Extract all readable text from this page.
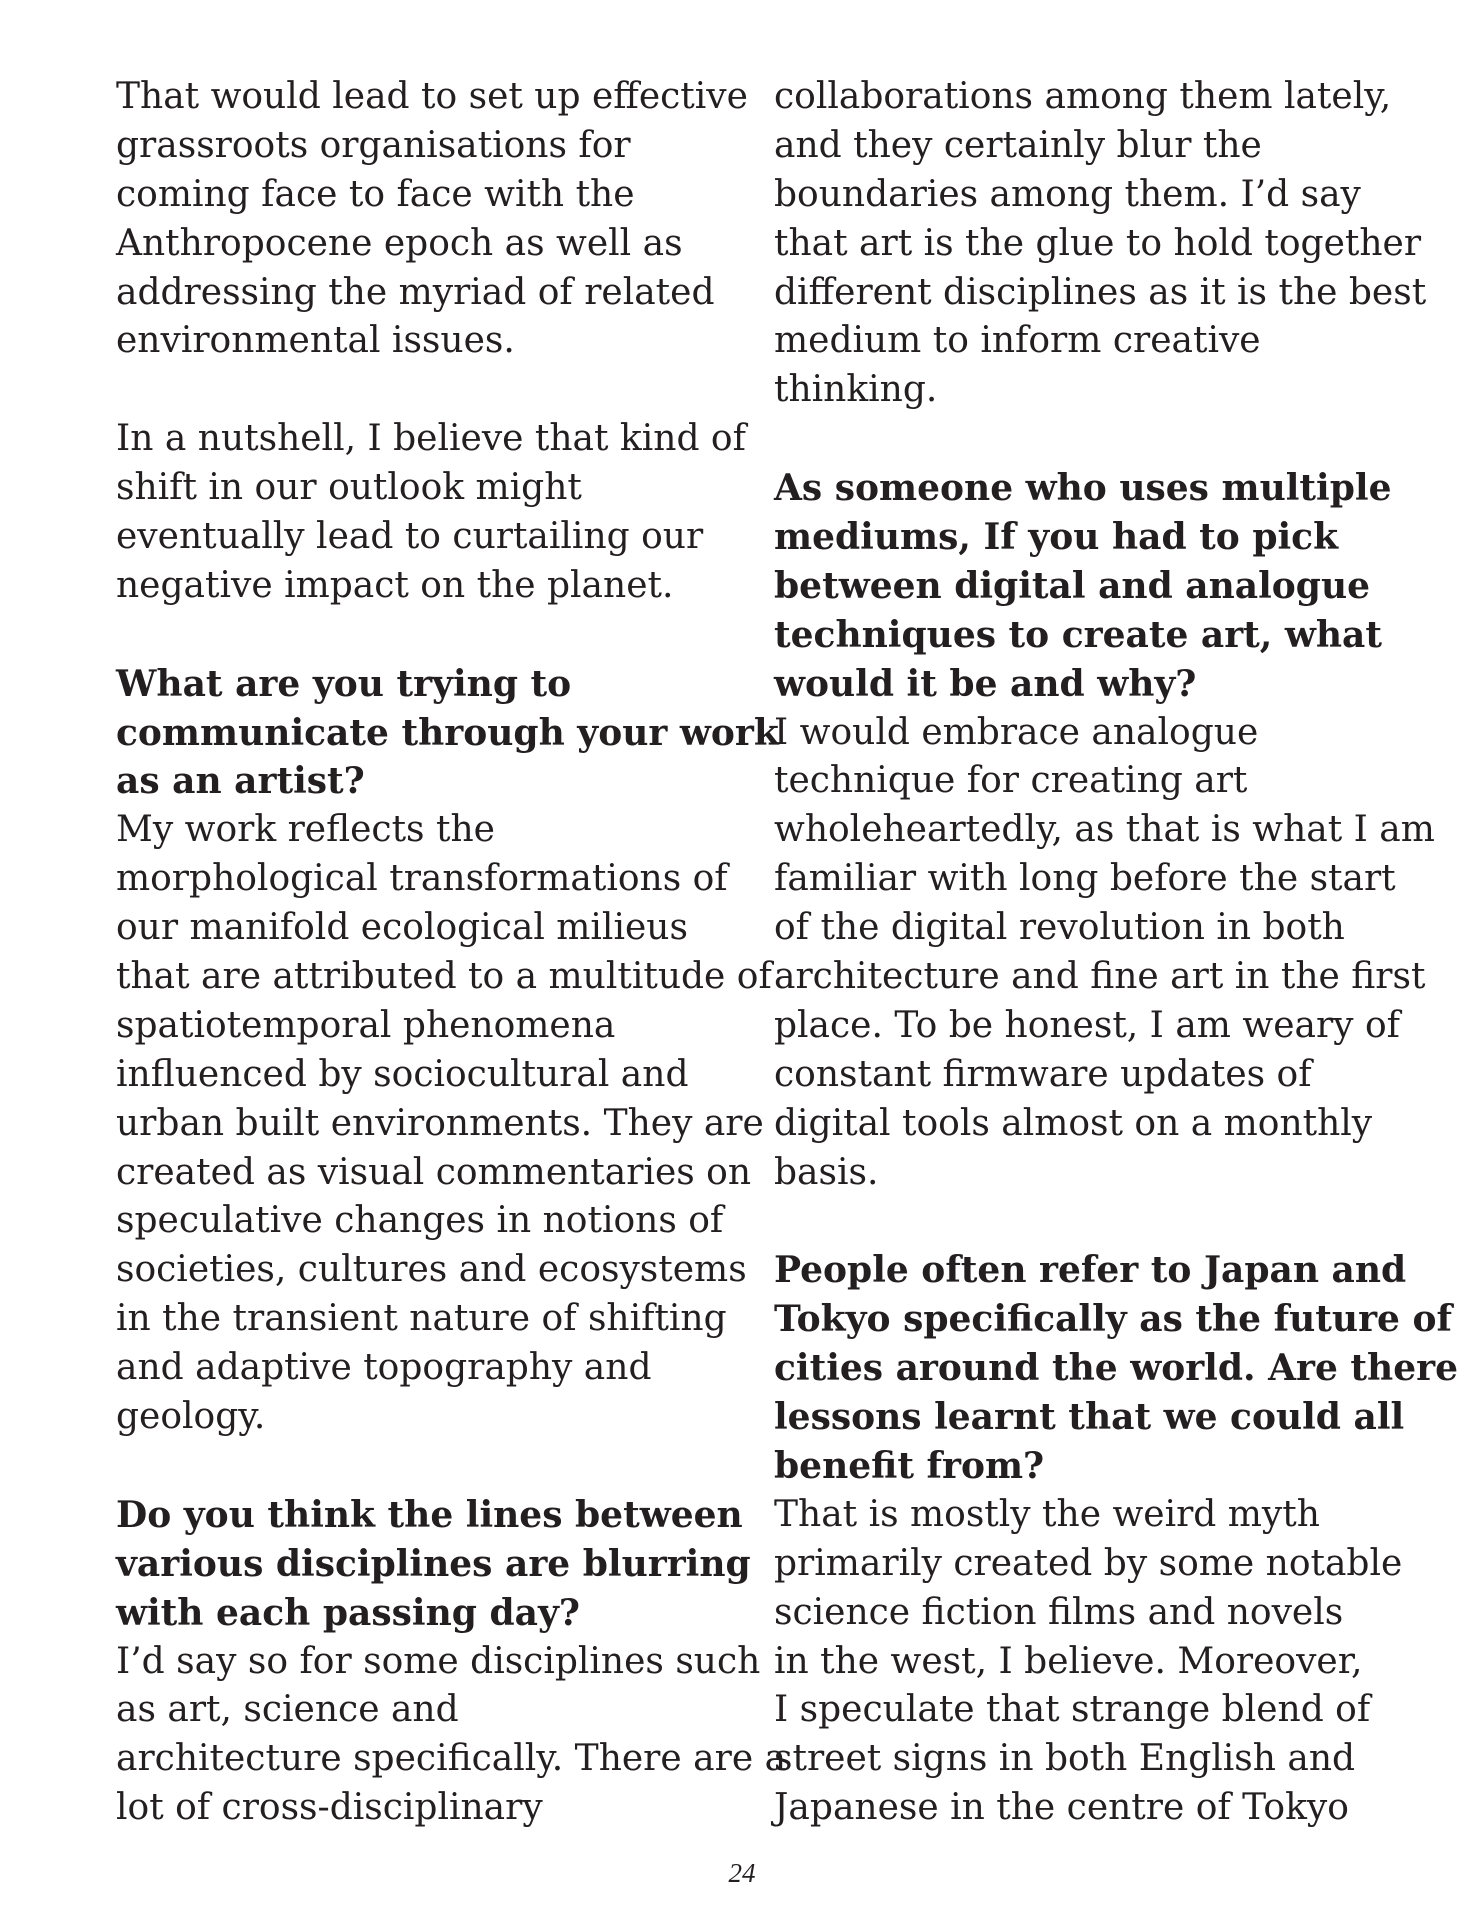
That would lead to set up effective
grassroots organisations for
coming face to face with the
Anthropocene epoch as well as
addressing the myriad of related
environmental issues.
In a nutshell, I believe that kind of
shift in our outlook might
eventually lead to curtailing our
negative impact on the planet.
What are you trying to
communicate through your work
as an artist?
My work reflects the
morphological transformations of
our manifold ecological milieus
that are attributed to a multitude of
spatiotemporal phenomena
influenced by sociocultural and
urban built environments. They are
created as visual commentaries on
speculative changes in notions of
societies, cultures and ecosystems
in the transient nature of shifting
and adaptive topography and
geology.
Do you think the lines between
various disciplines are blurring
with each passing day?
I’d say so for some disciplines such
as art, science and
architecture specifically. There are a
lot of cross-disciplinary
collaborations among them lately,
and they certainly blur the
boundaries among them. I’d say
that art is the glue to hold together
different disciplines as it is the best
medium to inform creative
thinking.
As someone who uses multiple
mediums, If you had to pick
between digital and analogue
techniques to create art, what
would it be and why?
I would embrace analogue
technique for creating art
wholeheartedly, as that is what I am
familiar with long before the start
of the digital revolution in both
architecture and fine art in the first
place. To be honest, I am weary of
constant firmware updates of
digital tools almost on a monthly
basis.
People often refer to Japan and
Tokyo specifically as the future of
cities around the world. Are there
lessons learnt that we could all
benefit from?
That is mostly the weird myth
primarily created by some notable
science fiction films and novels
in the west, I believe. Moreover,
I speculate that strange blend of
street signs in both English and
Japanese in the centre of Tokyo
24
